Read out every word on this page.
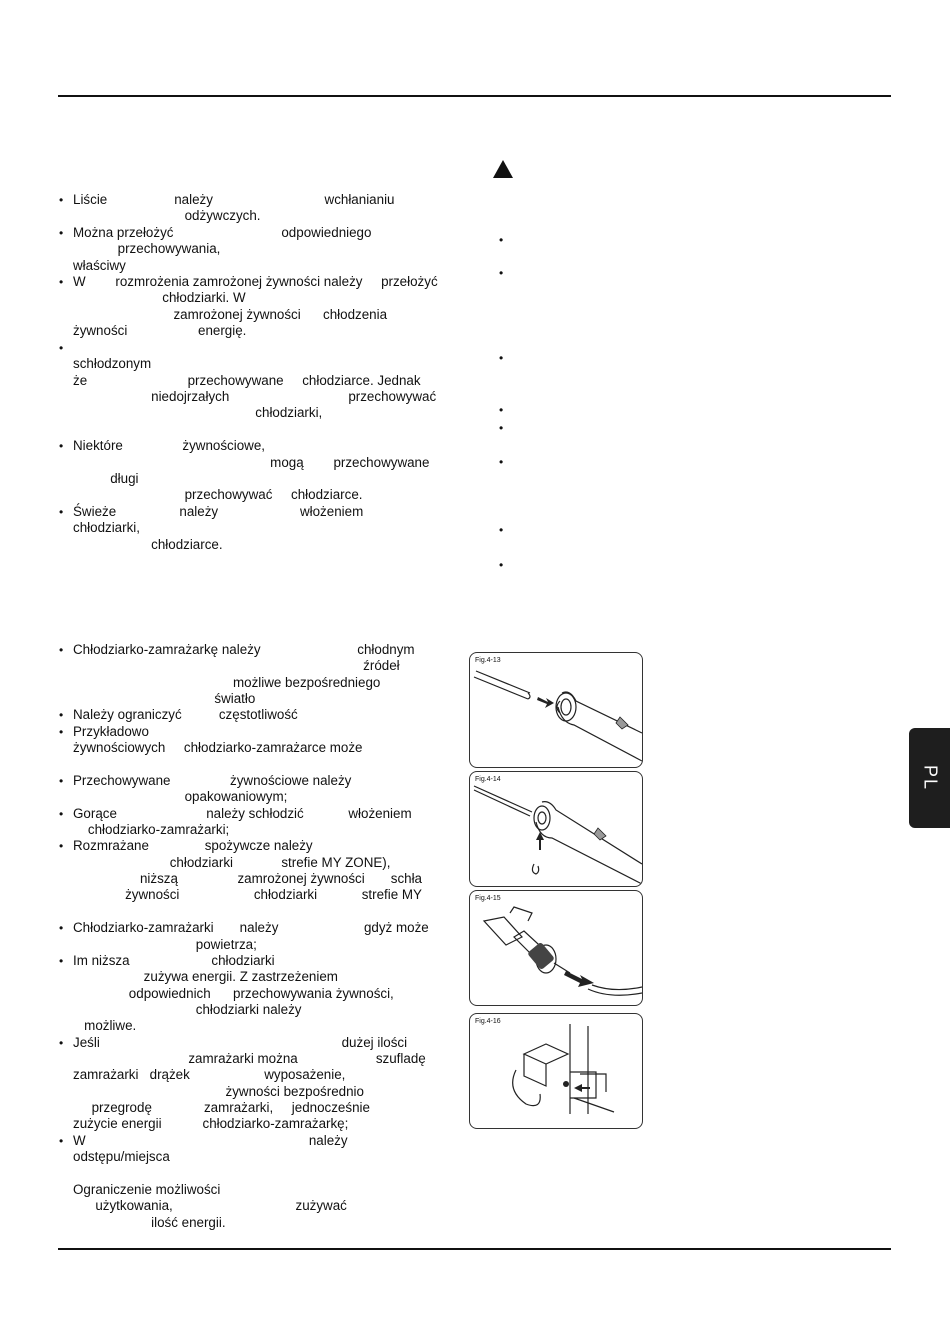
• Liście                  należy                              wchłanianiu
odżywczych.
• Można przełożyć                             odpowiedniego
przechowywania,
właściwy
• W        rozmrożenia zamrożonej żywności należy     przełożyć
chłodziarki. W
zamrożonej żywności      chłodzenia
żywności                   energię.
•
schłodzonym
że                           przechowywane     chłodziarce. Jednak
niedojrzałych                                przechowywać
chłodziarki,
• Niektóre                żywnościowe,
mogą        przechowywane
długi
przechowywać     chłodziarce.
• Świeże                 należy                      włożeniem
chłodziarki,
chłodziarce.
•
•
•
•
•
•
•
•
• Chłodziarko-zamrażarkę należy                          chłodnym
źródeł
możliwe bezpośredniego
światło
• Należy ograniczyć          częstotliwość
• Przykładowo
żywnościowych     chłodziarko-zamrażarce może
• Przechowywane                żywnościowe należy
opakowaniowym;
• Gorące                        należy schłodzić            włożeniem
chłodziarko-zamrażarki;
• Rozmrażane               spożywcze należy
chłodziarki             strefie MY ZONE),
niższą                zamrożonej żywności       schła
żywności                    chłodziarki            strefie MY
• Chłodziarko-zamrażarki       należy                       gdyż może
powietrza;
• Im niższa                      chłodziarki
zużywa energii. Z zastrzeżeniem
odpowiednich      przechowywania żywności,
chłodziarki należy
możliwe.
• Jeśli                                                                 dużej ilości
zamrażarki można                     szufladę
zamrażarki   drążek                    wyposażenie,
żywności bezpośrednio
przegrodę              zamrażarki,     jednocześnie
zużycie energii           chłodziarko-zamrażarkę;
• W                                                            należy
odstępu/miejsca
Ograniczenie możliwości
użytkowania,                                 zużywać
ilość energii.
Fig.4-13
Fig.4-14
Fig.4-15
Fig.4-16
PL
